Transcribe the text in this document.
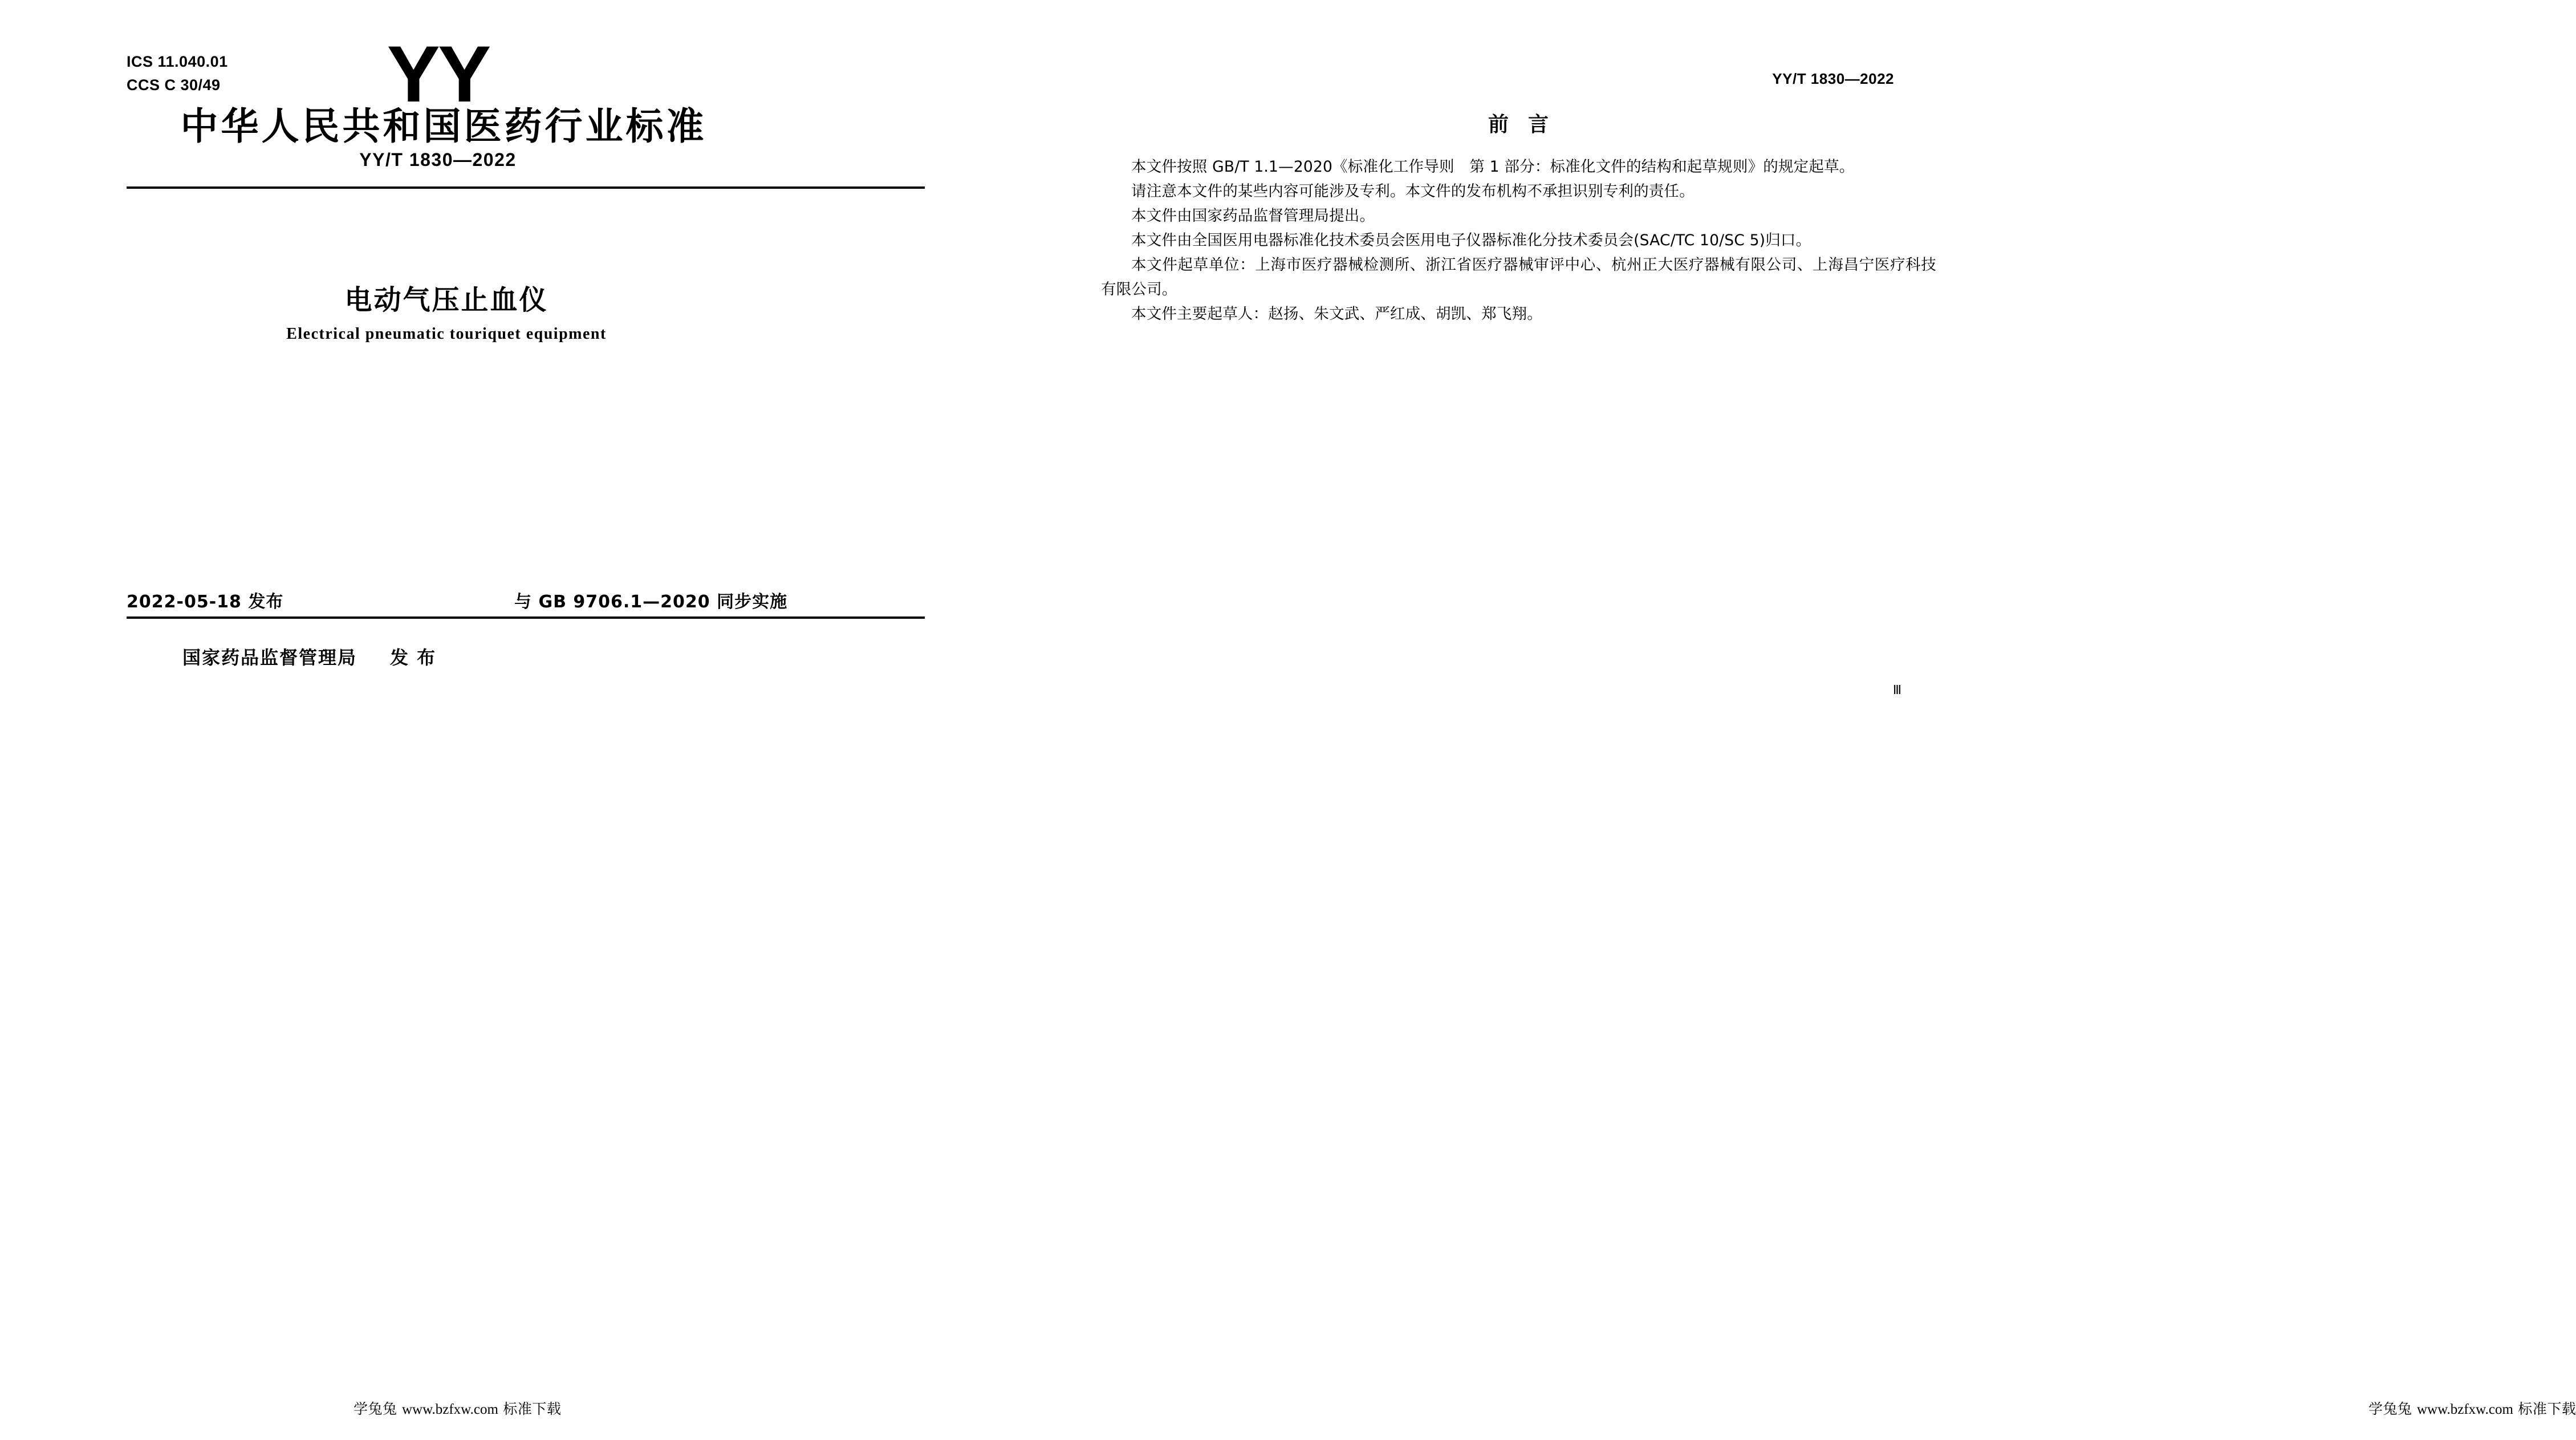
ICS 11.040.01
CCS C 30/49	YY
中华人民共和国医药行业标准
YY/T 1830—2022
电动气压止血仪
Electrical pneumatic touriquet equipment
2022-05-18 发布	与 GB 9706.1—2020 同步实施
国家药品监督管理局 发 布
学兔兔 www.bzfxw.com 标准下载
YY/T 1830—2022
前 言

本文件按照 GB/T 1.1—2020《标准化工作导则　第 1 部分：标准化文件的结构和起草规则》的规定起草。

请注意本文件的某些内容可能涉及专利。本文件的发布机构不承担识别专利的责任。

本文件由国家药品监督管理局提出。

本文件由全国医用电器标准化技术委员会医用电子仪器标准化分技术委员会(SAC/TC 10/SC 5)归口。

本文件起草单位：上海市医疗器械检测所、浙江省医疗器械审评中心、杭州正大医疗器械有限公司、上海昌宁医疗科技有限公司。

本文件主要起草人：赵扬、朱文武、严红成、胡凯、郑飞翔。

Ⅲ
学兔兔 www.bzfxw.com 标准下载
